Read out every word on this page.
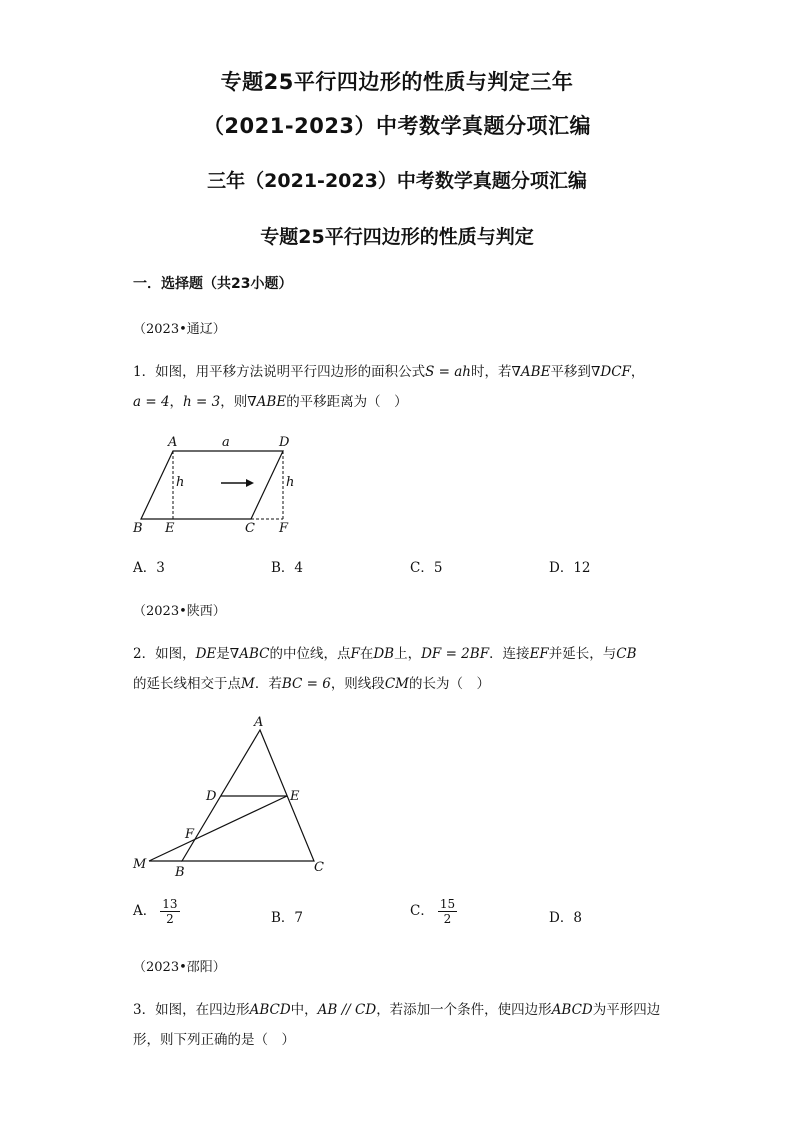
专题25平行四边形的性质与判定三年
（2021-2023）中考数学真题分项汇编
三年（2021-2023）中考数学真题分项汇编
专题25平行四边形的性质与判定
一．选择题（共23小题）
（2023•通辽）
1．如图，用平移方法说明平行四边形的面积公式S = ah时，若∇ABE平移到∇DCF，
a = 4，h = 3，则∇ABE的平移距离为（　）
A	a	D
h	h
B E	C F
A．3	B．4	C．5	D．12
（2023•陕西）
2．如图，DE是∇ABC的中位线，点F在DB上，DF = 2BF．连接EF并延长，与CB
的延长线相交于点M．若BC = 6，则线段CM的长为（　）
A
D	E
F
M
B	C
A． $\frac{13}{2}$	B．7	C． $\frac{15}{2}$	D．8
（2023•邵阳）
3．如图，在四边形ABCD中，AB // CD，若添加一个条件，使四边形ABCD为平形四边形，则下列正确的是（　）
